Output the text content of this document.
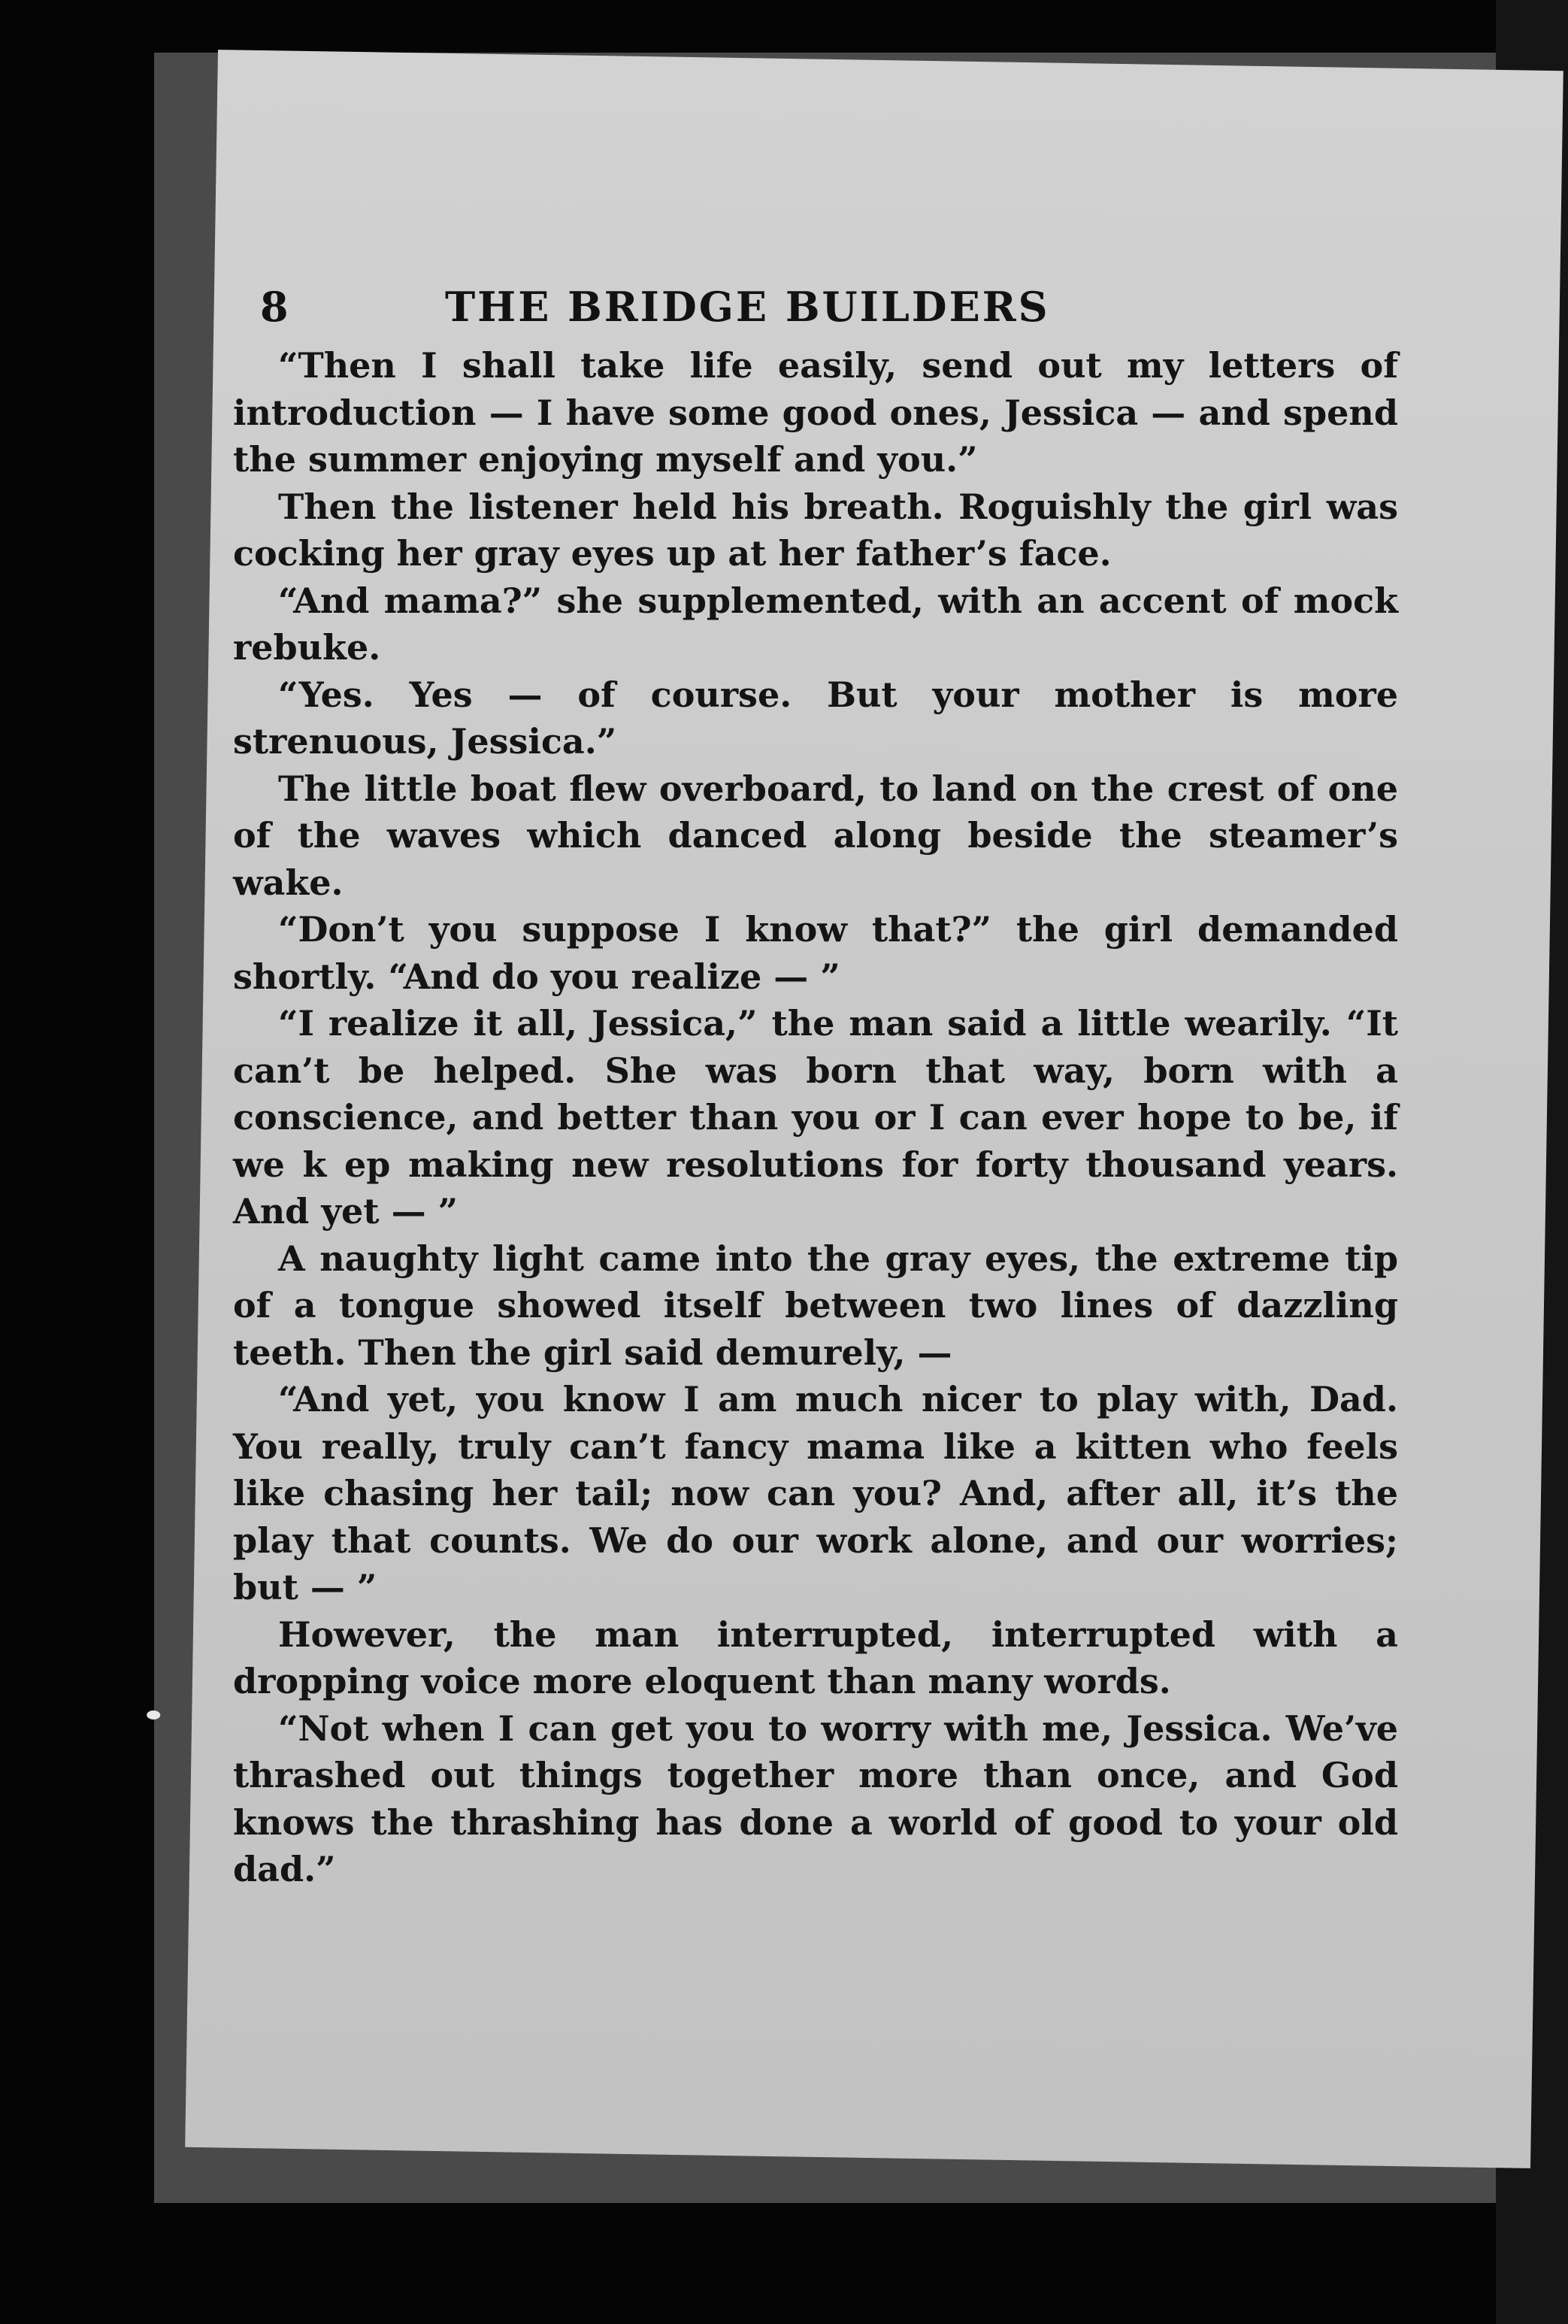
8	THE BRIDGE BUILDERS

“Then I shall take life easily, send out my letters of introduction — I have some good ones, Jessica — and spend the summer enjoying myself and you.”

Then the listener held his breath. Roguishly the girl was cocking her gray eyes up at her father’s face.

“And mama?” she supplemented, with an accent of mock rebuke.

“Yes. Yes — of course. But your mother is more strenuous, Jessica.”

The little boat flew overboard, to land on the crest of one of the waves which danced along beside the steamer’s wake.

“Don’t you suppose I know that?” the girl demanded shortly. “And do you realize — ”

“I realize it all, Jessica,” the man said a little wearily. “It can’t be helped. She was born that way, born with a conscience, and better than you or I can ever hope to be, if we k ep making new resolutions for forty thousand years. And yet — ”

A naughty light came into the gray eyes, the extreme tip of a tongue showed itself between two lines of dazzling teeth. Then the girl said demurely, —

“And yet, you know I am much nicer to play with, Dad. You really, truly can’t fancy mama like a kitten who feels like chasing her tail; now can you? And, after all, it’s the play that counts. We do our work alone, and our worries; but — ”

However, the man interrupted, interrupted with a dropping voice more eloquent than many words.

“Not when I can get you to worry with me, Jessica. We’ve thrashed out things together more than once, and God knows the thrashing has done a world of good to your old dad.”
